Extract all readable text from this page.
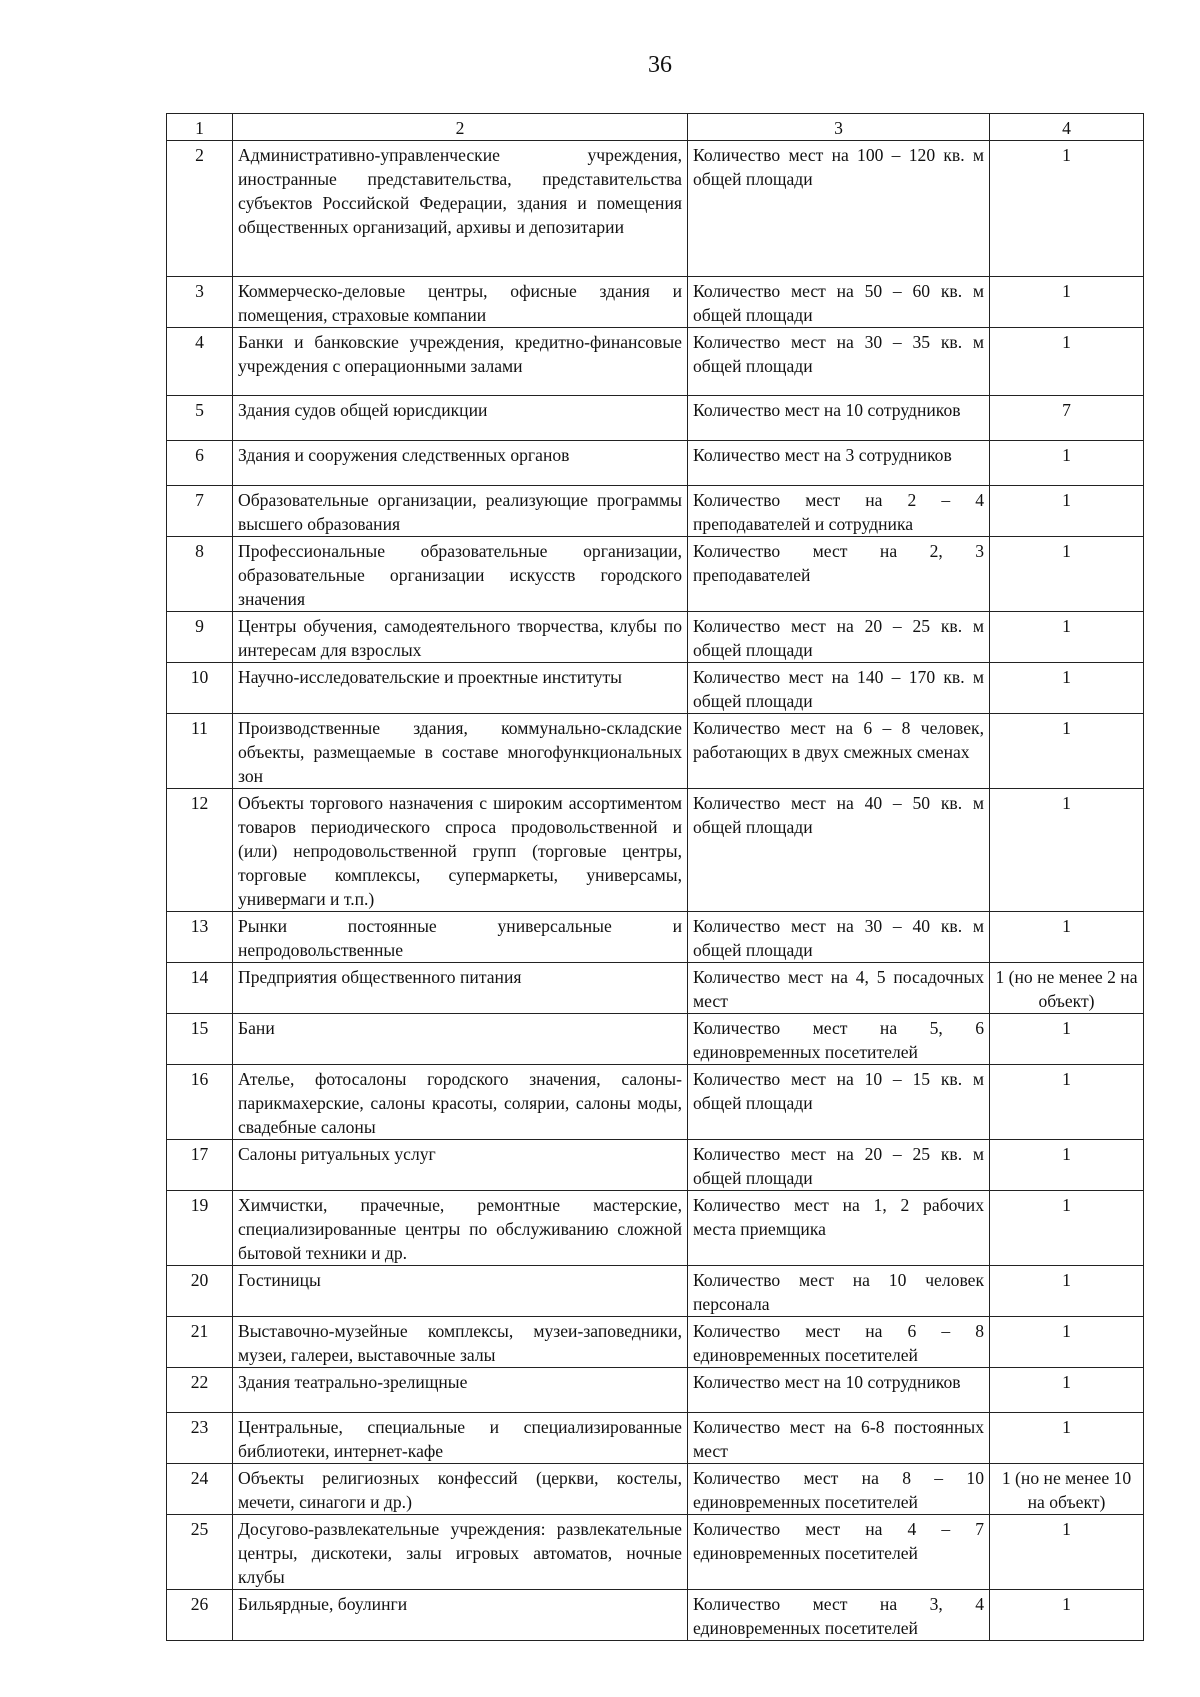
36
1	2	3	4
2	Административно-управленческие учреждения, иностранные представительства, представительства субъектов Российской Федерации, здания и помещения общественных организаций, архивы и депозитарии	Количество мест на 100 – 120 кв. м общей площади	1
3	Коммерческо-деловые центры, офисные здания и помещения, страховые компании	Количество мест на 50 – 60 кв. м общей площади	1
4	Банки и банковские учреждения, кредитно-финансовые учреждения с операционными залами	Количество мест на 30 – 35 кв. м общей площади	1
5	Здания судов общей юрисдикции	Количество мест на 10 сотрудников	7
6	Здания и сооружения следственных органов	Количество мест на 3 сотрудников	1
7	Образовательные организации, реализующие программы высшего образования	Количество мест на 2 – 4 преподавателей и сотрудника	1
8	Профессиональные образовательные организации, образовательные организации искусств городского значения	Количество мест на 2, 3 преподавателей	1
9	Центры обучения, самодеятельного творчества, клубы по интересам для взрослых	Количество мест на 20 – 25 кв. м общей площади	1
10	Научно-исследовательские и проектные институты	Количество мест на 140 – 170 кв. м общей площади	1
11	Производственные здания, коммунально-складские объекты, размещаемые в составе многофункциональных зон	Количество мест на 6 – 8 человек, работающих в двух смежных сменах	1
12	Объекты торгового назначения с широким ассортиментом товаров периодического спроса продовольственной и (или) непродовольственной групп (торговые центры, торговые комплексы, супермаркеты, универсамы, универмаги и т.п.)	Количество мест на 40 – 50 кв. м общей площади	1
13	Рынки постоянные универсальные и непродовольственные	Количество мест на 30 – 40 кв. м общей площади	1
14	Предприятия общественного питания	Количество мест на 4, 5 посадочных мест	1 (но не менее 2 на объект)
15	Бани	Количество мест на 5, 6 единовременных посетителей	1
16	Ателье, фотосалоны городского значения, салоны-парикмахерские, салоны красоты, солярии, салоны моды, свадебные салоны	Количество мест на 10 – 15 кв. м общей площади	1
17	Салоны ритуальных услуг	Количество мест на 20 – 25 кв. м общей площади	1
19	Химчистки, прачечные, ремонтные мастерские, специализированные центры по обслуживанию сложной бытовой техники и др.	Количество мест на 1, 2 рабочих места приемщика	1
20	Гостиницы	Количество мест на 10 человек персонала	1
21	Выставочно-музейные комплексы, музеи-заповедники, музеи, галереи, выставочные залы	Количество мест на 6 – 8 единовременных посетителей	1
22	Здания театрально-зрелищные	Количество мест на 10 сотрудников	1
23	Центральные, специальные и специализированные библиотеки, интернет-кафе	Количество мест на 6-8 постоянных мест	1
24	Объекты религиозных конфессий (церкви, костелы, мечети, синагоги и др.)	Количество мест на 8 – 10 единовременных посетителей	1 (но не менее 10 на объект)
25	Досугово-развлекательные учреждения: развлекательные центры, дискотеки, залы игровых автоматов, ночные клубы	Количество мест на 4 – 7 единовременных посетителей	1
26	Бильярдные, боулинги	Количество мест на 3, 4 единовременных посетителей	1
